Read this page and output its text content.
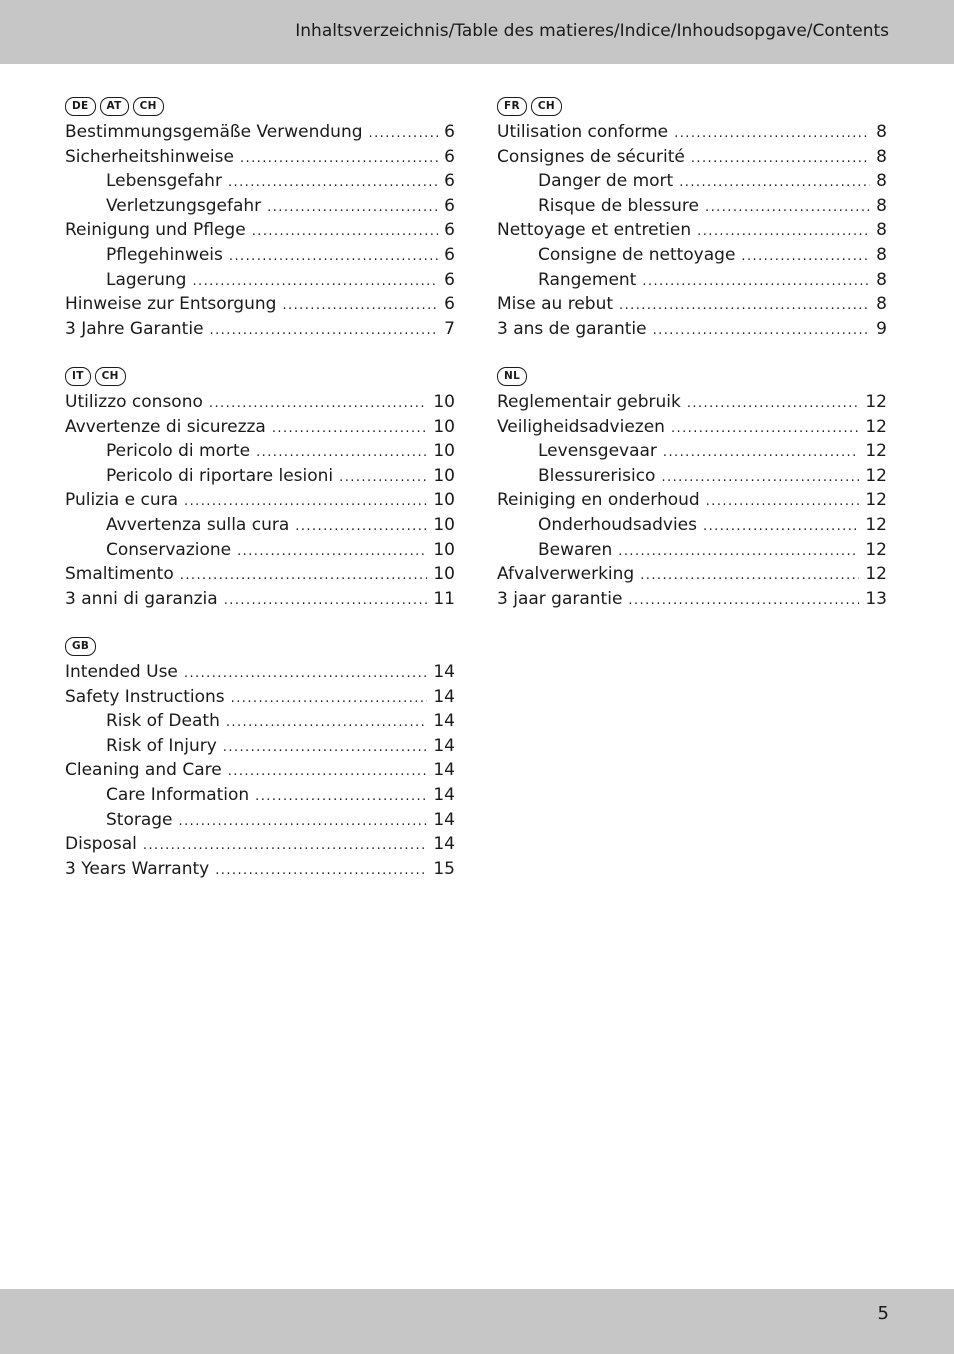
Inhaltsverzeichnis/Table des matieres/Indice/Inhoudsopgave/Contents
DE	AT	CH
Bestimmungsgemäße Verwendung . . .	6
Sicherheitshinweise . . .	6
Lebensgefahr . . .	6
Verletzungsgefahr . . .	6
Reinigung und Pflege . . .	6
Pflegehinweis . . .	6
Lagerung . . .	6
Hinweise zur Entsorgung . . .	6
3 Jahre Garantie . . .	7
FR	CH
Utilisation conforme . . .	8
Consignes de sécurité . . .	8
Danger de mort . . .	8
Risque de blessure . . .	8
Nettoyage et entretien . . .	8
Consigne de nettoyage . . .	8
Rangement . . .	8
Mise au rebut . . .	8
3 ans de garantie . . .	9
IT	CH
Utilizzo consono . . .	10
Avvertenze di sicurezza . . .	10
Pericolo di morte . . .	10
Pericolo di riportare lesioni . . .	10
Pulizia e cura . . .	10
Avvertenza sulla cura . . .	10
Conservazione . . .	10
Smaltimento . . .	10
3 anni di garanzia . . .	11
NL
Reglementair gebruik . . .	12
Veiligheidsadviezen . . .	12
Levensgevaar . . .	12
Blessurerisico . . .	12
Reiniging en onderhoud . . .	12
Onderhoudsadvies . . .	12
Bewaren . . .	12
Afvalverwerking . . .	12
3 jaar garantie . . .	13
GB
Intended Use . . .	14
Safety Instructions . . .	14
Risk of Death . . .	14
Risk of Injury . . .	14
Cleaning and Care . . .	14
Care Information . . .	14
Storage . . .	14
Disposal . . .	14
3 Years Warranty . . .	15
5
